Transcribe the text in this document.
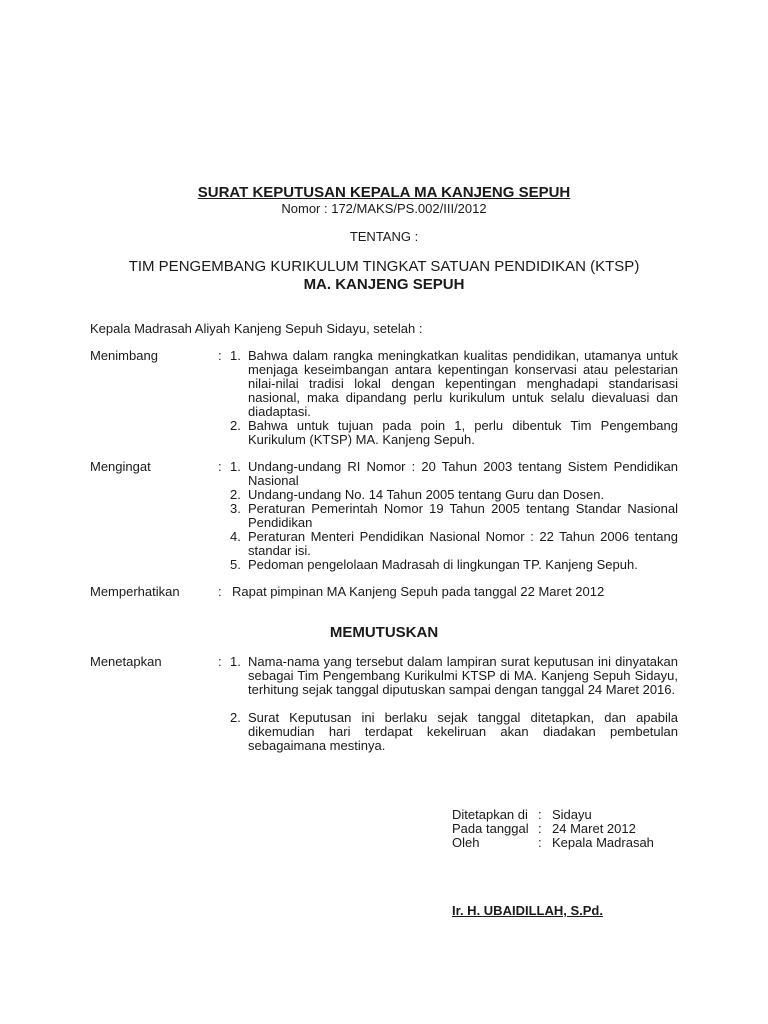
SURAT KEPUTUSAN KEPALA MA KANJENG SEPUH
Nomor : 172/MAKS/PS.002/III/2012
TENTANG :
TIM PENGEMBANG KURIKULUM TINGKAT SATUAN PENDIDIKAN (KTSP)
MA. KANJENG SEPUH
Kepala Madrasah Aliyah Kanjeng Sepuh Sidayu, setelah :
Menimbang	: 1. Bahwa dalam rangka meningkatkan kualitas pendidikan, utamanya untuk menjaga keseimbangan antara kepentingan konservasi atau pelestarian nilai-nilai tradisi lokal dengan kepentingan menghadapi standarisasi nasional, maka dipandang perlu kurikulum untuk selalu dievaluasi dan diadaptasi.
2. Bahwa untuk tujuan pada poin 1, perlu dibentuk Tim Pengembang Kurikulum (KTSP) MA. Kanjeng Sepuh.
Mengingat	: 1. Undang-undang RI Nomor : 20 Tahun 2003 tentang Sistem Pendidikan Nasional
2. Undang-undang No. 14 Tahun 2005 tentang Guru dan Dosen.
3. Peraturan Pemerintah Nomor 19 Tahun 2005 tentang Standar Nasional Pendidikan
4. Peraturan Menteri Pendidikan Nasional Nomor : 22 Tahun 2006 tentang standar isi.
5. Pedoman pengelolaan Madrasah di lingkungan TP. Kanjeng Sepuh.
Memperhatikan	: Rapat pimpinan MA Kanjeng Sepuh pada tanggal 22 Maret 2012
MEMUTUSKAN
Menetapkan	: 1. Nama-nama yang tersebut dalam lampiran surat keputusan ini dinyatakan sebagai Tim Pengembang Kurikulmi KTSP di MA. Kanjeng Sepuh Sidayu, terhitung sejak tanggal diputuskan sampai dengan tanggal 24 Maret 2016.
2. Surat Keputusan ini berlaku sejak tanggal ditetapkan, dan apabila dikemudian hari terdapat kekeliruan akan diadakan pembetulan sebagaimana mestinya.
Ditetapkan di : Sidayu
Pada tanggal : 24 Maret 2012
Oleh	: Kepala Madrasah
Ir. H. UBAIDILLAH, S.Pd.
